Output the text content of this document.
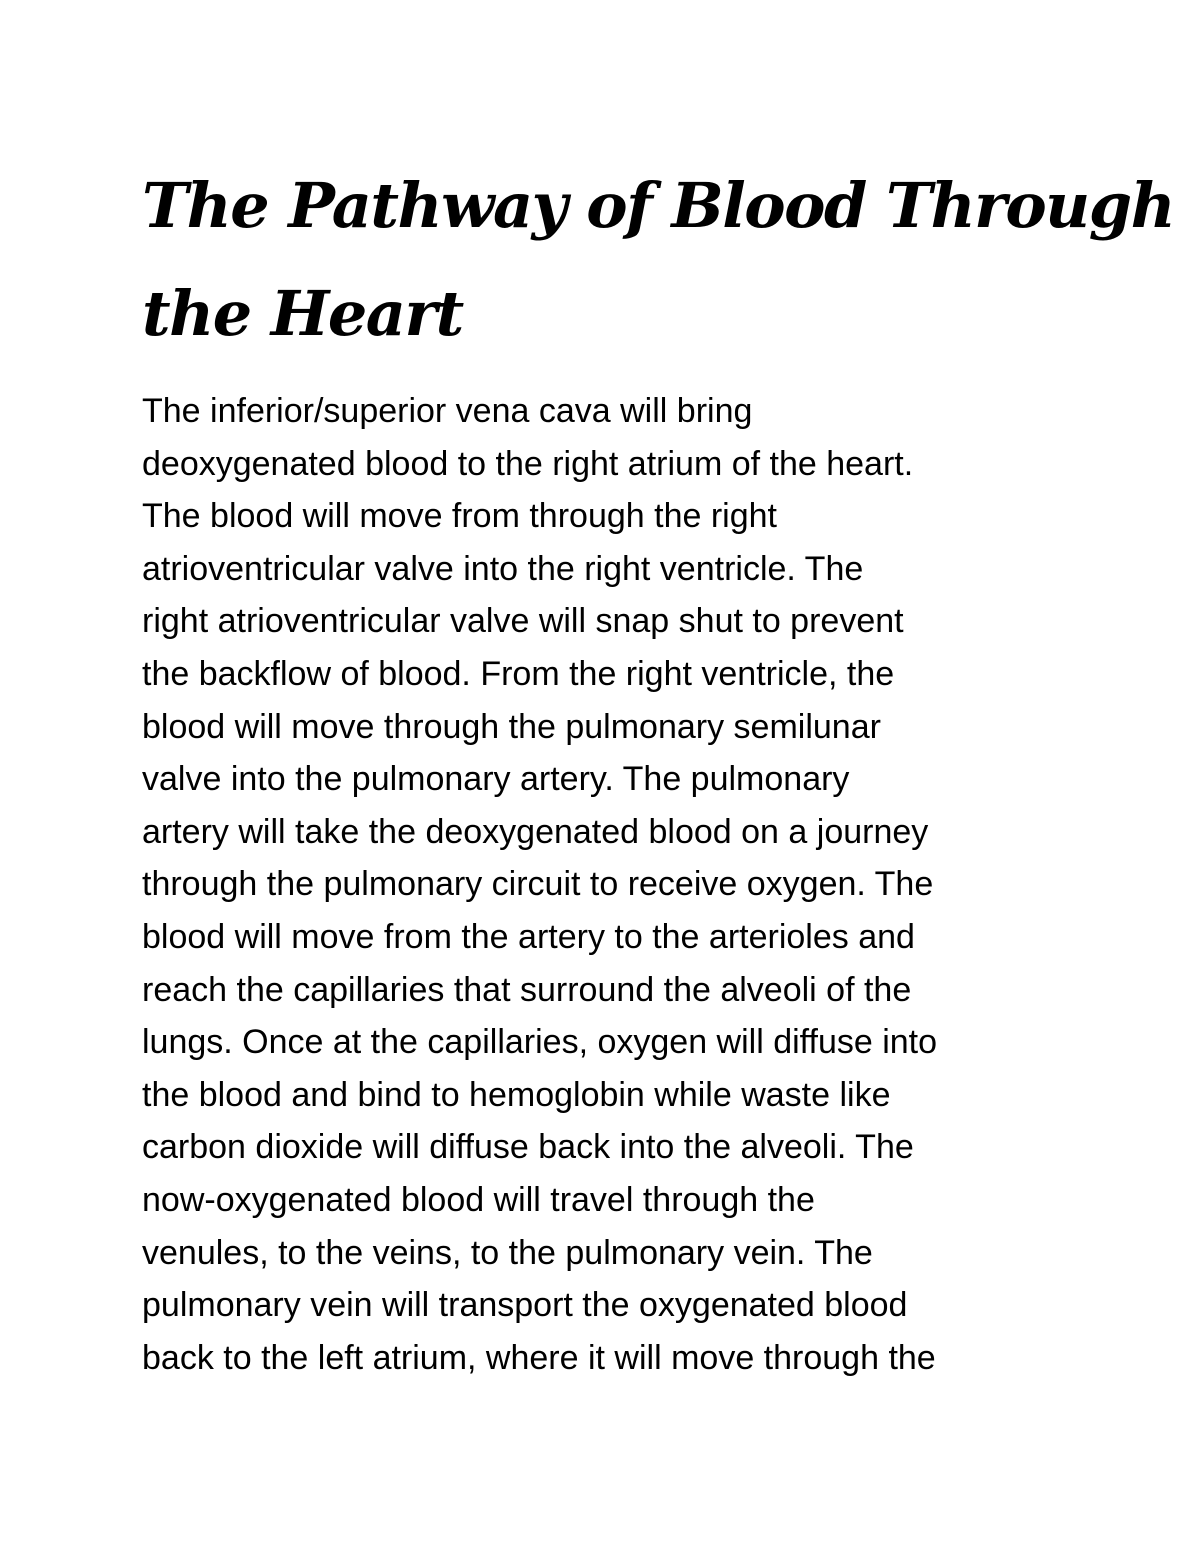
The Pathway of Blood Through
the Heart
The inferior/superior vena cava will bring
deoxygenated blood to the right atrium of the heart.
The blood will move from through the right
atrioventricular valve into the right ventricle. The
right atrioventricular valve will snap shut to prevent
the backflow of blood. From the right ventricle, the
blood will move through the pulmonary semilunar
valve into the pulmonary artery. The pulmonary
artery will take the deoxygenated blood on a journey
through the pulmonary circuit to receive oxygen. The
blood will move from the artery to the arterioles and
reach the capillaries that surround the alveoli of the
lungs. Once at the capillaries, oxygen will diffuse into
the blood and bind to hemoglobin while waste like
carbon dioxide will diffuse back into the alveoli. The
now-oxygenated blood will travel through the
venules, to the veins, to the pulmonary vein. The
pulmonary vein will transport the oxygenated blood
back to the left atrium, where it will move through the
